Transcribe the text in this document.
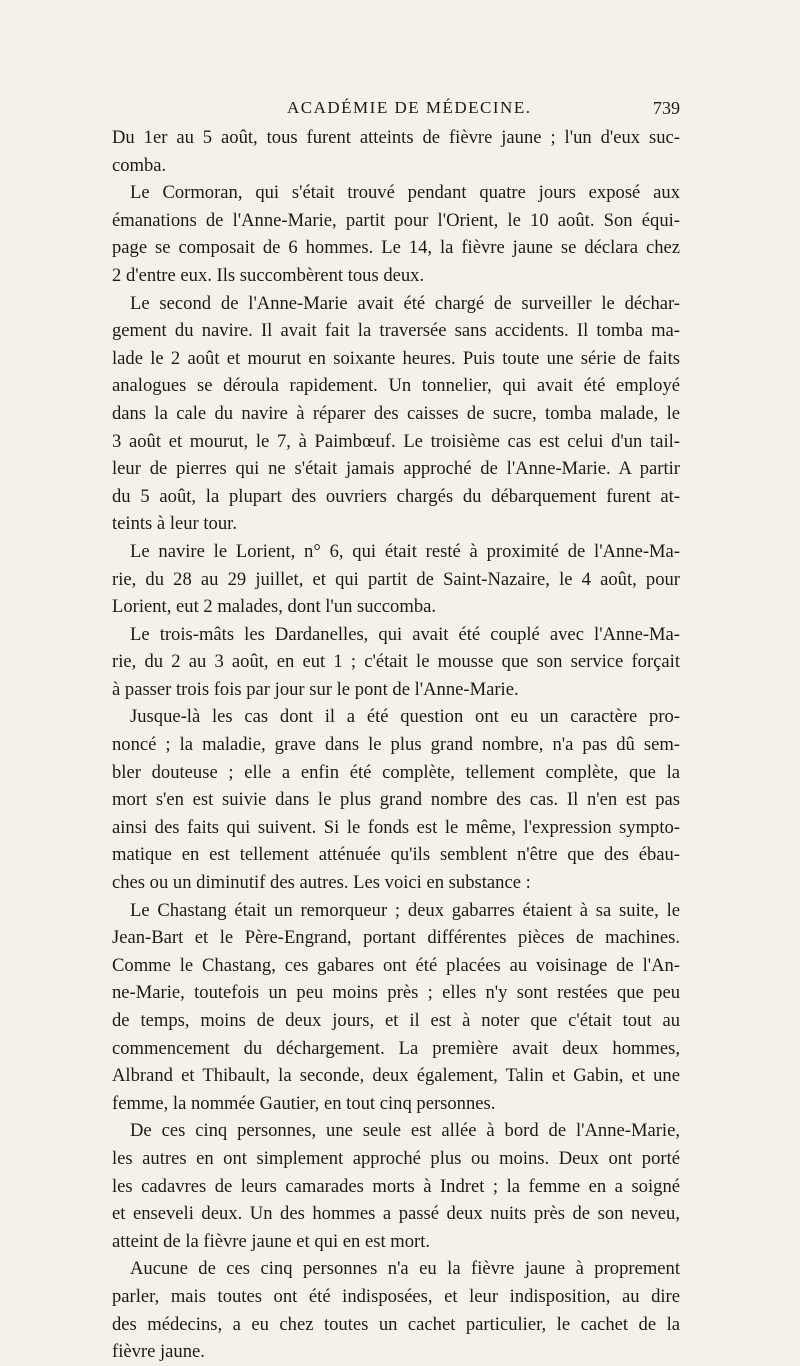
ACADÉMIE DE MÉDECINE.	739
Du 1er au 5 août, tous furent atteints de fièvre jaune ; l'un d'eux suc-
comba.
Le Cormoran, qui s'était trouvé pendant quatre jours exposé aux
émanations de l'Anne-Marie, partit pour l'Orient, le 10 août. Son équi-
page se composait de 6 hommes. Le 14, la fièvre jaune se déclara chez
2 d'entre eux. Ils succombèrent tous deux.
Le second de l'Anne-Marie avait été chargé de surveiller le déchar-
gement du navire. Il avait fait la traversée sans accidents. Il tomba ma-
lade le 2 août et mourut en soixante heures. Puis toute une série de faits
analogues se déroula rapidement. Un tonnelier, qui avait été employé
dans la cale du navire à réparer des caisses de sucre, tomba malade, le
3 août et mourut, le 7, à Paimbœuf. Le troisième cas est celui d'un tail-
leur de pierres qui ne s'était jamais approché de l'Anne-Marie. A partir
du 5 août, la plupart des ouvriers chargés du débarquement furent at-
teints à leur tour.
Le navire le Lorient, n° 6, qui était resté à proximité de l'Anne-Ma-
rie, du 28 au 29 juillet, et qui partit de Saint-Nazaire, le 4 août, pour
Lorient, eut 2 malades, dont l'un succomba.
Le trois-mâts les Dardanelles, qui avait été couplé avec l'Anne-Ma-
rie, du 2 au 3 août, en eut 1 ; c'était le mousse que son service forçait
à passer trois fois par jour sur le pont de l'Anne-Marie.
Jusque-là les cas dont il a été question ont eu un caractère pro-
noncé ; la maladie, grave dans le plus grand nombre, n'a pas dû sem-
bler douteuse ; elle a enfin été complète, tellement complète, que la
mort s'en est suivie dans le plus grand nombre des cas. Il n'en est pas
ainsi des faits qui suivent. Si le fonds est le même, l'expression sympto-
matique en est tellement atténuée qu'ils semblent n'être que des ébau-
ches ou un diminutif des autres. Les voici en substance :
Le Chastang était un remorqueur ; deux gabarres étaient à sa suite, le
Jean-Bart et le Père-Engrand, portant différentes pièces de machines.
Comme le Chastang, ces gabares ont été placées au voisinage de l'An-
ne-Marie, toutefois un peu moins près ; elles n'y sont restées que peu
de temps, moins de deux jours, et il est à noter que c'était tout au
commencement du déchargement. La première avait deux hommes,
Albrand et Thibault, la seconde, deux également, Talin et Gabin, et une
femme, la nommée Gautier, en tout cinq personnes.
De ces cinq personnes, une seule est allée à bord de l'Anne-Marie,
les autres en ont simplement approché plus ou moins. Deux ont porté
les cadavres de leurs camarades morts à Indret ; la femme en a soigné
et enseveli deux. Un des hommes a passé deux nuits près de son neveu,
atteint de la fièvre jaune et qui en est mort.
Aucune de ces cinq personnes n'a eu la fièvre jaune à proprement
parler, mais toutes ont été indisposées, et leur indisposition, au dire
des médecins, a eu chez toutes un cachet particulier, le cachet de la
fièvre jaune.
